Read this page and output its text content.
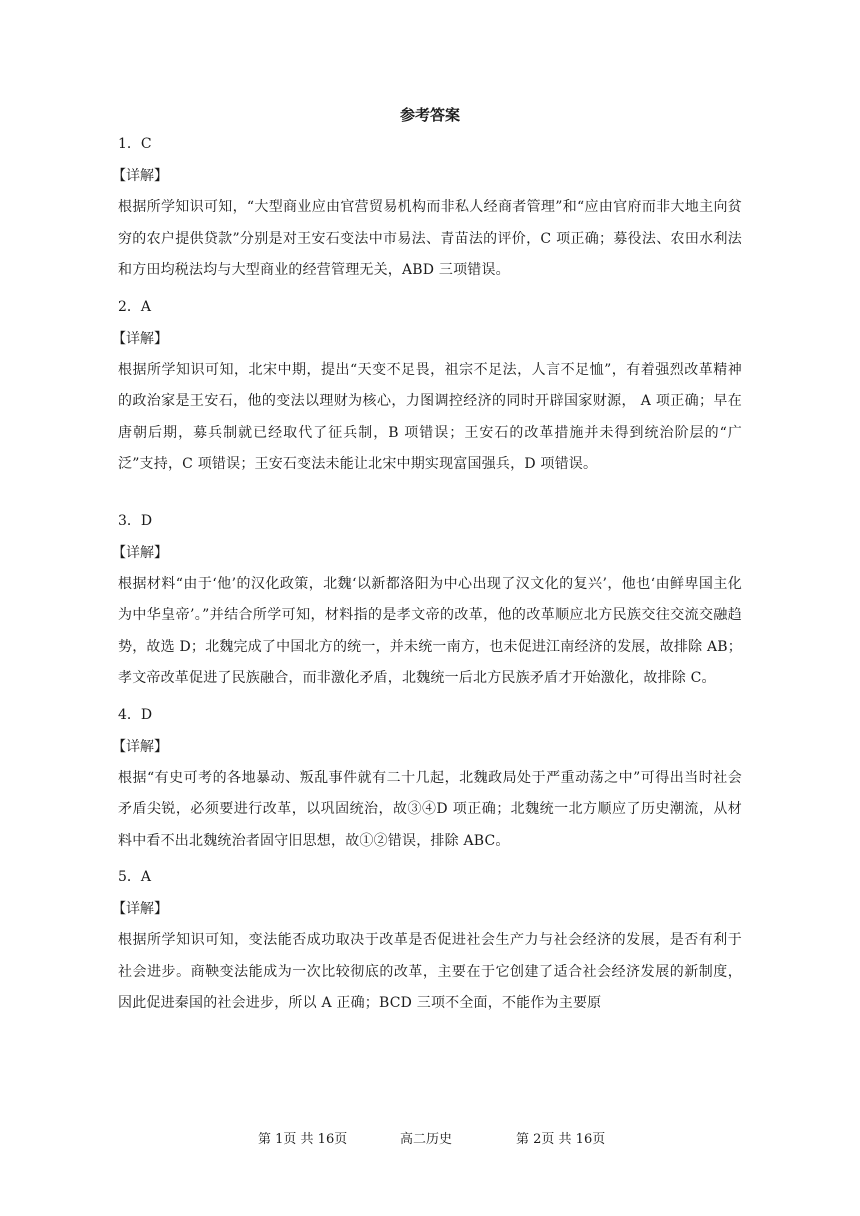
参考答案
1．C
【详解】
根据所学知识可知，“大型商业应由官营贸易机构而非私人经商者管理”和“应由官府而非大地主向贫穷的农户提供贷款”分别是对王安石变法中市易法、青苗法的评价，C 项正确；募役法、农田水利法和方田均税法均与大型商业的经营管理无关，ABD 三项错误。
2．A
【详解】
根据所学知识可知，北宋中期，提出“天变不足畏，祖宗不足法，人言不足恤”，有着强烈改革精神的政治家是王安石，他的变法以理财为核心，力图调控经济的同时开辟国家财源， A 项正确；早在唐朝后期，募兵制就已经取代了征兵制，B 项错误；王安石的改革措施并未得到统治阶层的“广泛”支持，C 项错误；王安石变法未能让北宋中期实现富国强兵，D 项错误。
3．D
【详解】
根据材料“由于‘他’的汉化政策，北魏‘以新都洛阳为中心出现了汉文化的复兴’，他也‘由鲜卑国主化为中华皇帝’。”并结合所学可知，材料指的是孝文帝的改革，他的改革顺应北方民族交往交流交融趋势，故选 D；北魏完成了中国北方的统一，并未统一南方，也未促进江南经济的发展，故排除 AB；孝文帝改革促进了民族融合，而非激化矛盾，北魏统一后北方民族矛盾才开始激化，故排除 C。
4．D
【详解】
根据“有史可考的各地暴动、叛乱事件就有二十几起，北魏政局处于严重动荡之中”可得出当时社会矛盾尖锐，必须要进行改革，以巩固统治，故③④D 项正确；北魏统一北方顺应了历史潮流，从材料中看不出北魏统治者固守旧思想，故①②错误，排除 ABC。
5．A
【详解】
根据所学知识可知，变法能否成功取决于改革是否促进社会生产力与社会经济的发展，是否有利于社会进步。商鞅变法能成为一次比较彻底的改革，主要在于它创建了适合社会经济发展的新制度，因此促进秦国的社会进步，所以 A 正确；BCD 三项不全面，不能作为主要原
第 1页 共 16页	高二历史	第 2页 共 16页
